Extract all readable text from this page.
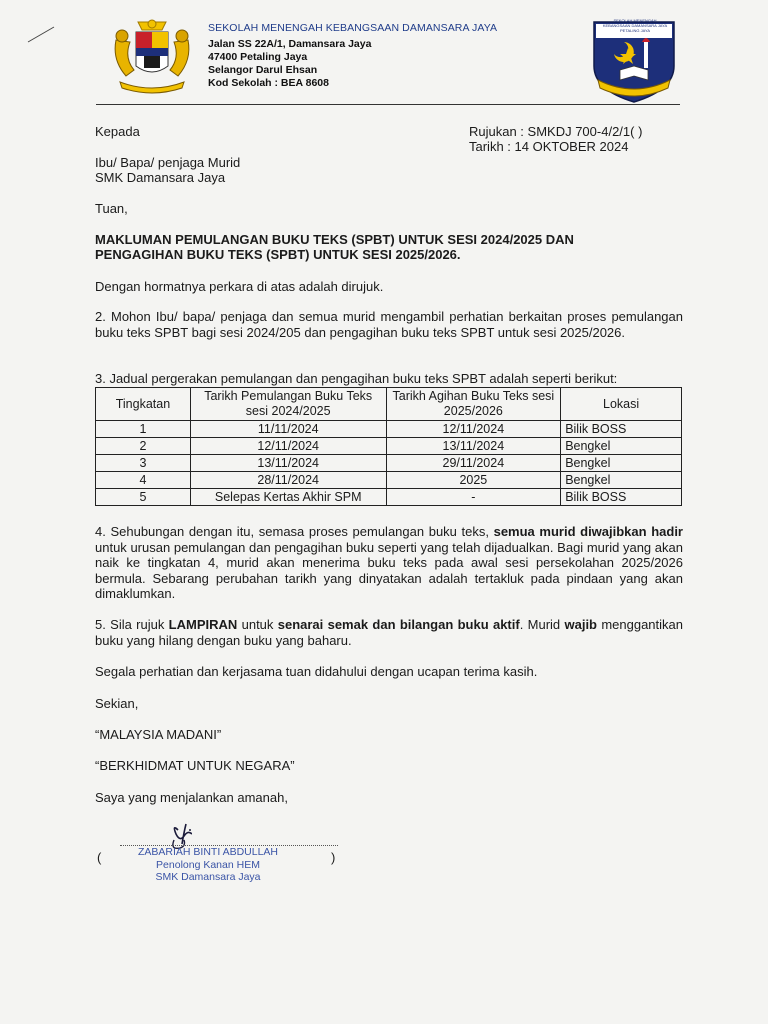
SEKOLAH MENENGAH KEBANGSAAN DAMANSARA JAYA
Jalan SS 22A/1, Damansara Jaya
47400 Petaling Jaya
Selangor Darul Ehsan
Kod Sekolah : BEA 8608
SEKOLAH MENENGAH KEBANGSAAN DAMANSARA JAYA PETALING JAYA
Kepada	Rujukan : SMKDJ 700-4/2/1( )
Tarikh : 14 OKTOBER 2024
Ibu/ Bapa/ penjaga Murid
SMK Damansara Jaya
Tuan,
MAKLUMAN PEMULANGAN BUKU TEKS (SPBT) UNTUK SESI 2024/2025 DAN
PENGAGIHAN BUKU TEKS (SPBT) UNTUK SESI 2025/2026.
Dengan hormatnya perkara di atas adalah dirujuk.
2. Mohon Ibu/ bapa/ penjaga dan semua murid mengambil perhatian berkaitan proses pemulangan buku teks SPBT bagi sesi 2024/205 dan pengagihan buku teks SPBT untuk sesi 2025/2026.
3. Jadual pergerakan pemulangan dan pengagihan buku teks SPBT adalah seperti berikut:
Tingkatan	Tarikh Pemulangan Buku Teks sesi 2024/2025	Tarikh Agihan Buku Teks sesi 2025/2026	Lokasi
1	11/11/2024	12/11/2024	Bilik BOSS
2	12/11/2024	13/11/2024	Bengkel
3	13/11/2024	29/11/2024	Bengkel
4	28/11/2024	2025	Bengkel
5	Selepas Kertas Akhir SPM	-	Bilik BOSS
4. Sehubungan dengan itu, semasa proses pemulangan buku teks, semua murid diwajibkan hadir untuk urusan pemulangan dan pengagihan buku seperti yang telah dijadualkan. Bagi murid yang akan naik ke tingkatan 4, murid akan menerima buku teks pada awal sesi persekolahan 2025/2026 bermula. Sebarang perubahan tarikh yang dinyatakan adalah tertakluk pada pindaan yang akan dimaklumkan.
5. Sila rujuk LAMPIRAN untuk senarai semak dan bilangan buku aktif. Murid wajib menggantikan buku yang hilang dengan buku yang baharu.
Segala perhatian dan kerjasama tuan didahului dengan ucapan terima kasih.
Sekian,
“MALAYSIA MADANI”
“BERKHIDMAT UNTUK NEGARA”
Saya yang menjalankan amanah,
(	)
ZABARIAH BINTI ABDULLAH
Penolong Kanan HEM
SMK Damansara Jaya
